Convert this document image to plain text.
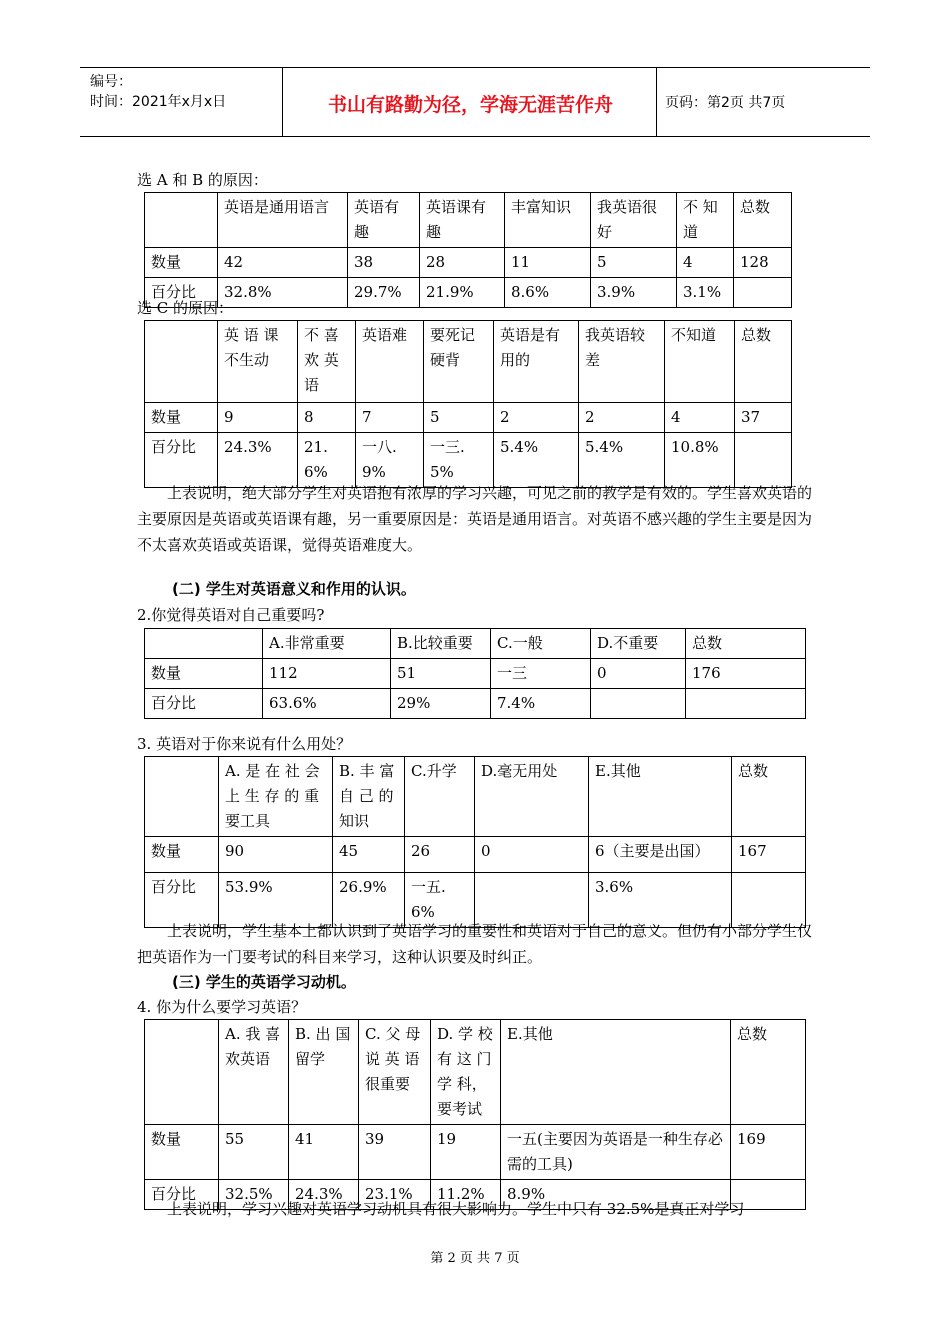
编号：
时间：2021年x月x日	书山有路勤为径，学海无涯苦作舟	页码：第2页 共7页
选 A 和 B 的原因：
	英语是通用语言	英语有趣	英语课有趣	丰富知识	我英语很好	不 知道	总数
数量	42	38	28	11	5	4	128
百分比	32.8%	29.7%	21.9%	8.6%	3.9%	3.1%	
选 C 的原因：
	英 语 课不生动	不 喜欢 英语	英语难	要死记硬背	英语是有用的	我英语较差	不知道	总数
数量	9	8	7	5	2	2	4	37
百分比	24.3%	21.6%	一八.9%	一三.5%	5.4%	5.4%	10.8%	
上表说明，绝大部分学生对英语抱有浓厚的学习兴趣，可见之前的教学是有效的。学生喜欢英语的主要原因是英语或英语课有趣，另一重要原因是：英语是通用语言。对英语不感兴趣的学生主要是因为不太喜欢英语或英语课，觉得英语难度大。
(二) 学生对英语意义和作用的认识。
2.你觉得英语对自己重要吗?
	A.非常重要	B.比较重要	C.一般	D.不重要	总数
数量	112	51	一三	0	176
百分比	63.6%	29%	7.4%		
3. 英语对于你来说有什么用处？
	A. 是 在 社 会 上 生 存 的 重 要工具	B. 丰 富 自 己 的 知识	C.升学	D.毫无用处	E.其他	总数
数量	90	45	26	0	6（主要是出国）	167
百分比	53.9%	26.9%	一五.6%		3.6%	
上表说明，学生基本上都认识到了英语学习的重要性和英语对于自己的意义。但仍有小部分学生仅把英语作为一门要考试的科目来学习，这种认识要及时纠正。
(三) 学生的英语学习动机。
4. 你为什么要学习英语？
	A. 我 喜 欢英语	B. 出 国 留学	C. 父 母 说 英 语 很重要	D. 学 校 有 这 门 学 科， 要考试	E.其他	总数
数量	55	41	39	19	一五(主要因为英语是一种生存必需的工具)	169
百分比	32.5%	24.3%	23.1%	11.2%	8.9%	
上表说明，学习兴趣对英语学习动机具有很大影响力。学生中只有 32.5%是真正对学习
第 2 页 共 7 页
